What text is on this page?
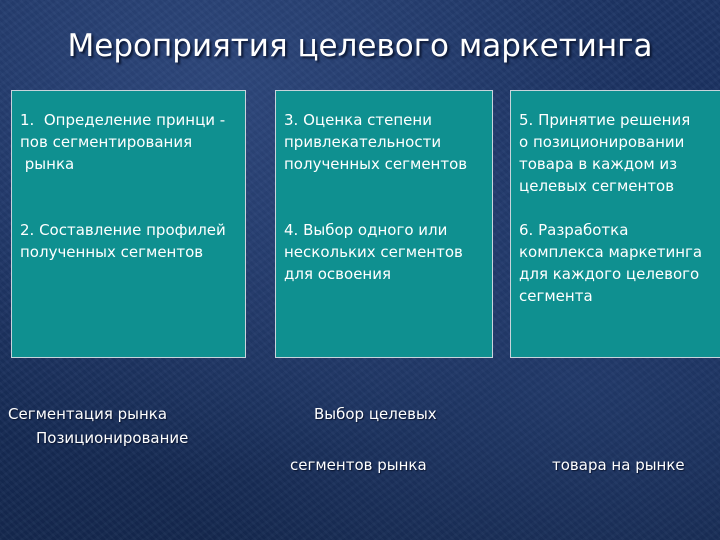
Мероприятия целевого маркетинга
1.  Определение принци -
пов сегментирования
рынка
2. Составление профилей
полученных сегментов
3. Оценка степени
привлекательности
полученных сегментов
4. Выбор одного или
нескольких сегментов
для освоения
5. Принятие решения
о позиционировании
товара в каждом из
целевых сегментов
6. Разработка
комплекса маркетинга
для каждого целевого
сегмента
Сегментация рынка	Выбор целевых
Позиционирование
сегментов рынка	товара на рынке
